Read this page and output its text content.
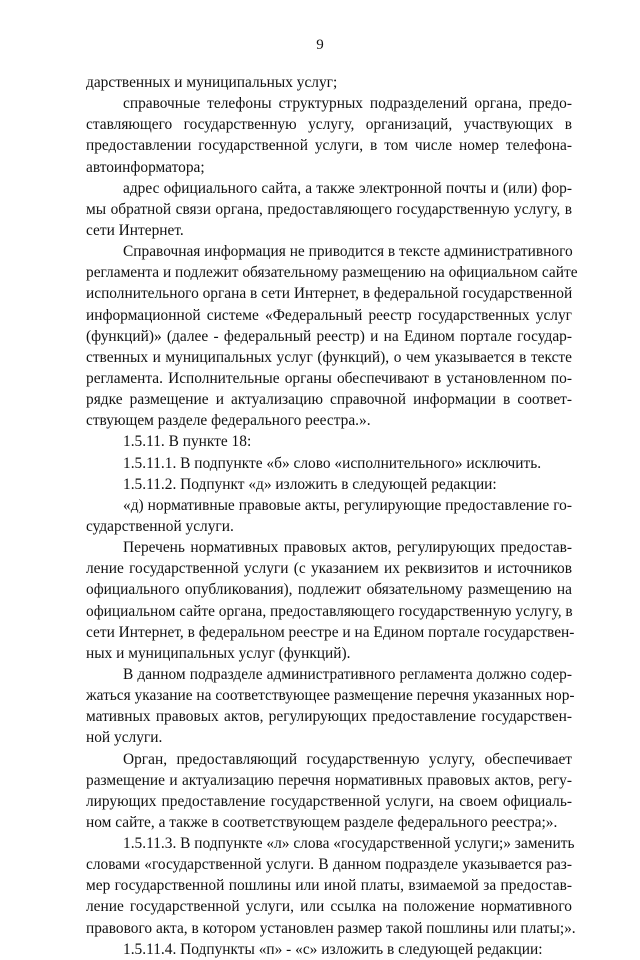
9
дарственных и муниципальных услуг;
справочные телефоны структурных подразделений органа, предо-
ставляющего государственную услугу, организаций, участвующих в
предоставлении государственной услуги, в том числе номер телефона-
автоинформатора;
адрес официального сайта, а также электронной почты и (или) фор-
мы обратной связи органа, предоставляющего государственную услугу, в
сети Интернет.
Справочная информация не приводится в тексте административного
регламента и подлежит обязательному размещению на официальном сайте
исполнительного органа в сети Интернет, в федеральной государственной
информационной системе «Федеральный реестр государственных услуг
(функций)» (далее - федеральный реестр) и на Едином портале государ-
ственных и муниципальных услуг (функций), о чем указывается в тексте
регламента. Исполнительные органы обеспечивают в установленном по-
рядке размещение и актуализацию справочной информации в соответ-
ствующем разделе федерального реестра.».
1.5.11. В пункте 18:
1.5.11.1. В подпункте «б» слово «исполнительного» исключить.
1.5.11.2. Подпункт «д» изложить в следующей редакции:
«д) нормативные правовые акты, регулирующие предоставление го-
сударственной услуги.
Перечень нормативных правовых актов, регулирующих предостав-
ление государственной услуги (с указанием их реквизитов и источников
официального опубликования), подлежит обязательному размещению на
официальном сайте органа, предоставляющего государственную услугу, в
сети Интернет, в федеральном реестре и на Едином портале государствен-
ных и муниципальных услуг (функций).
В данном подразделе административного регламента должно содер-
жаться указание на соответствующее размещение перечня указанных нор-
мативных правовых актов, регулирующих предоставление государствен-
ной услуги.
Орган, предоставляющий государственную услугу, обеспечивает
размещение и актуализацию перечня нормативных правовых актов, регу-
лирующих предоставление государственной услуги, на своем официаль-
ном сайте, а также в соответствующем разделе федерального реестра;».
1.5.11.3. В подпункте «л» слова «государственной услуги;» заменить
словами «государственной услуги. В данном подразделе указывается раз-
мер государственной пошлины или иной платы, взимаемой за предостав-
ление государственной услуги, или ссылка на положение нормативного
правового акта, в котором установлен размер такой пошлины или платы;».
1.5.11.4. Подпункты «п» - «с» изложить в следующей редакции:
